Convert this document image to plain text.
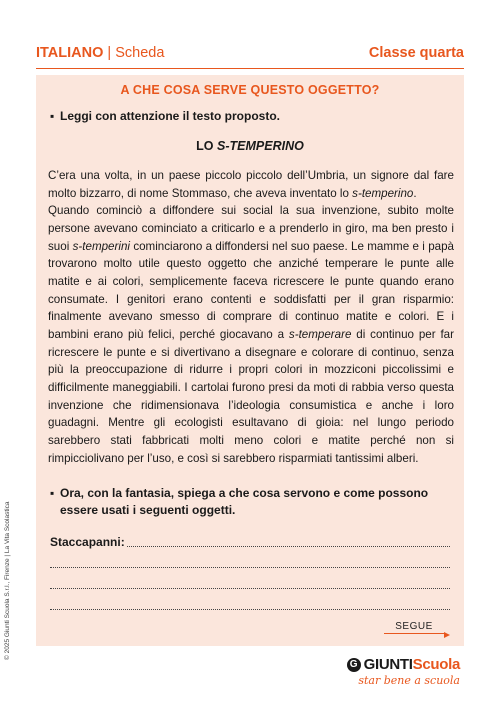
ITALIANO | Scheda	Classe quarta
A CHE COSA SERVE QUESTO OGGETTO?
▪ Leggi con attenzione il testo proposto.
LO S-TEMPERINO

C’era una volta, in un paese piccolo piccolo dell’Umbria, un signore dal fare molto bizzarro, di nome Stommaso, che aveva inventato lo s-temperino.

Quando cominciò a diffondere sui social la sua invenzione, subito molte persone avevano cominciato a criticarlo e a prenderlo in giro, ma ben presto i suoi s-temperini cominciarono a diffondersi nel suo paese. Le mamme e i papà trovarono molto utile questo oggetto che anziché temperare le punte alle matite e ai colori, semplicemente faceva ricrescere le punte quando erano consumate. I genitori erano contenti e soddisfatti per il gran risparmio: finalmente avevano smesso di comprare di continuo matite e colori. E i bambini erano più felici, perché giocavano a s-temperare di continuo per far ricrescere le punte e si divertivano a disegnare e colorare di continuo, senza più la preoccupazione di ridurre i propri colori in mozziconi piccolissimi e difficilmente maneggiabili. I cartolai furono presi da moti di rabbia verso questa invenzione che ridimensionava l’ideologia consumistica e anche i loro guadagni. Mentre gli ecologisti esultavano di gioia: nel lungo periodo sarebbero stati fabbricati molti meno colori e matite perché non si rimpicciolivano per l’uso, e così si sarebbero risparmiati tantissimi alberi.

▪ Ora, con la fantasia, spiega a che cosa servono e come possono essere usati i seguenti oggetti.
Staccapanni:
SEGUE
© 2025 Giunti Scuola S.r.l., Firenze | La Vita Scolastica
G GIUNTI Scuola
star bene a scuola
